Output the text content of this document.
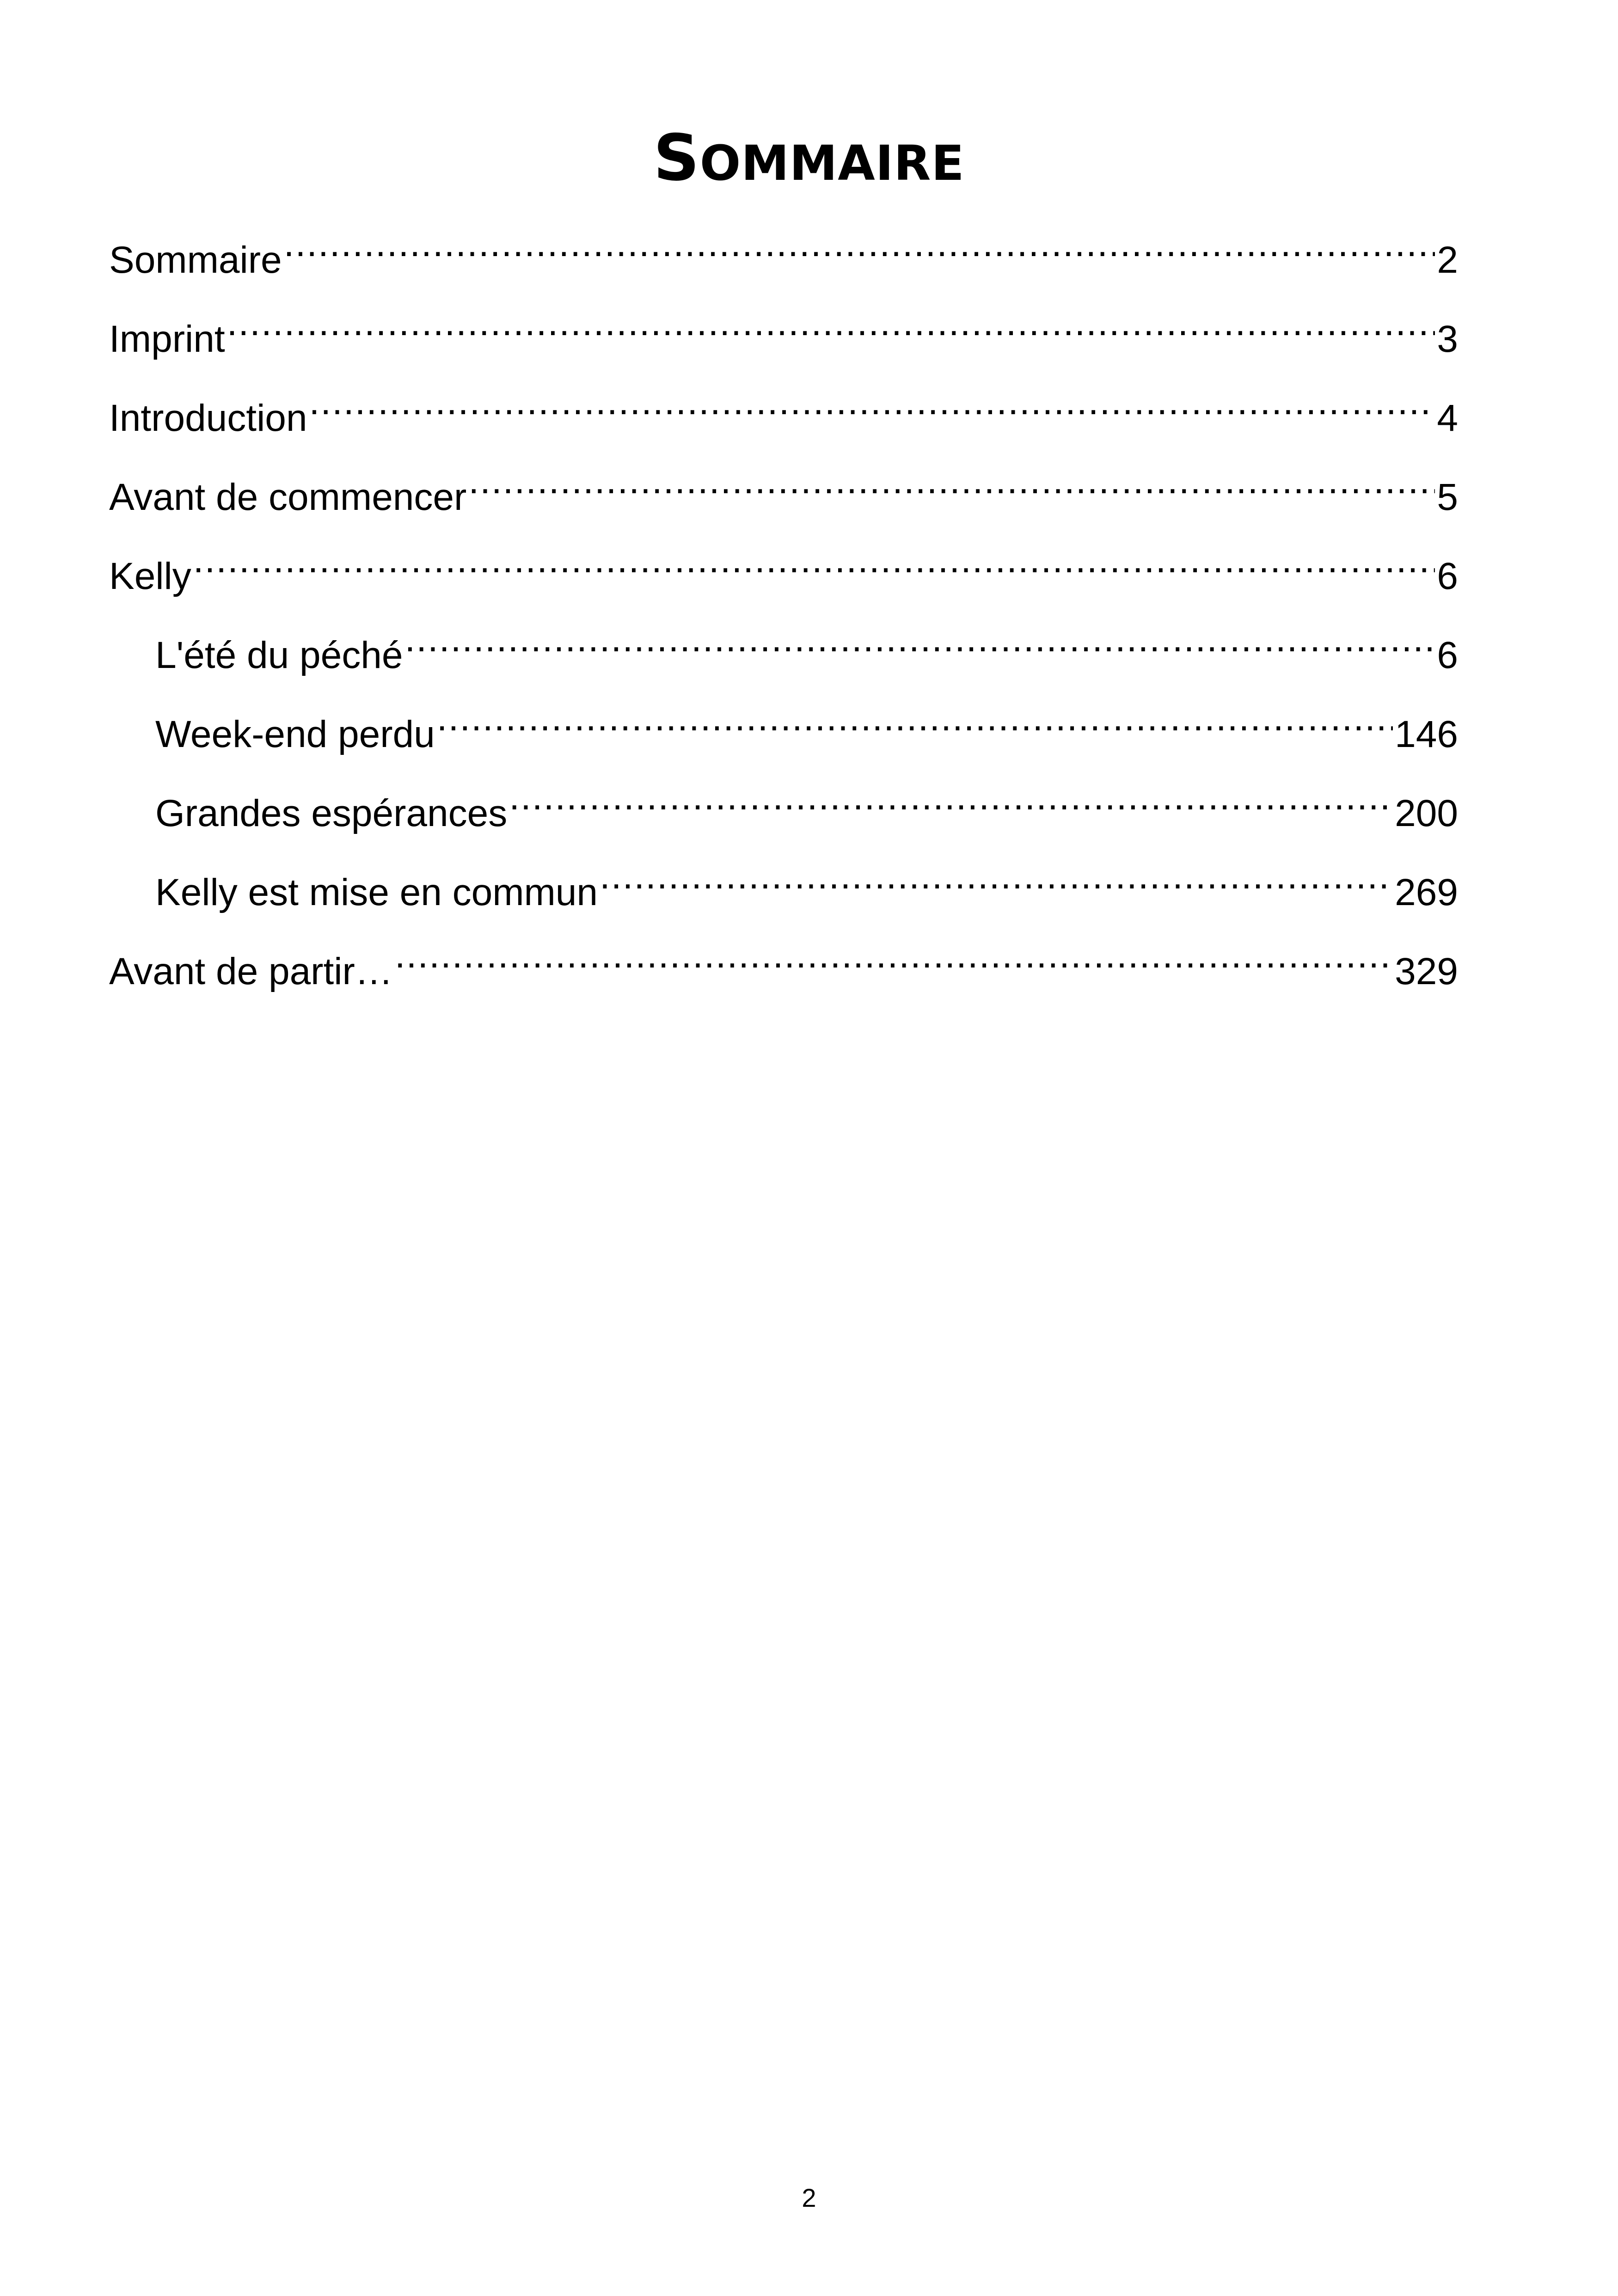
SOMMAIRE
Sommaire .....	2
Imprint .....	3
Introduction .....	4
Avant de commencer .....	5
Kelly .....	6
L'été du péché .....	6
Week-end perdu .....	146
Grandes espérances .....	200
Kelly est mise en commun .....	269
Avant de partir… .....	329
2
